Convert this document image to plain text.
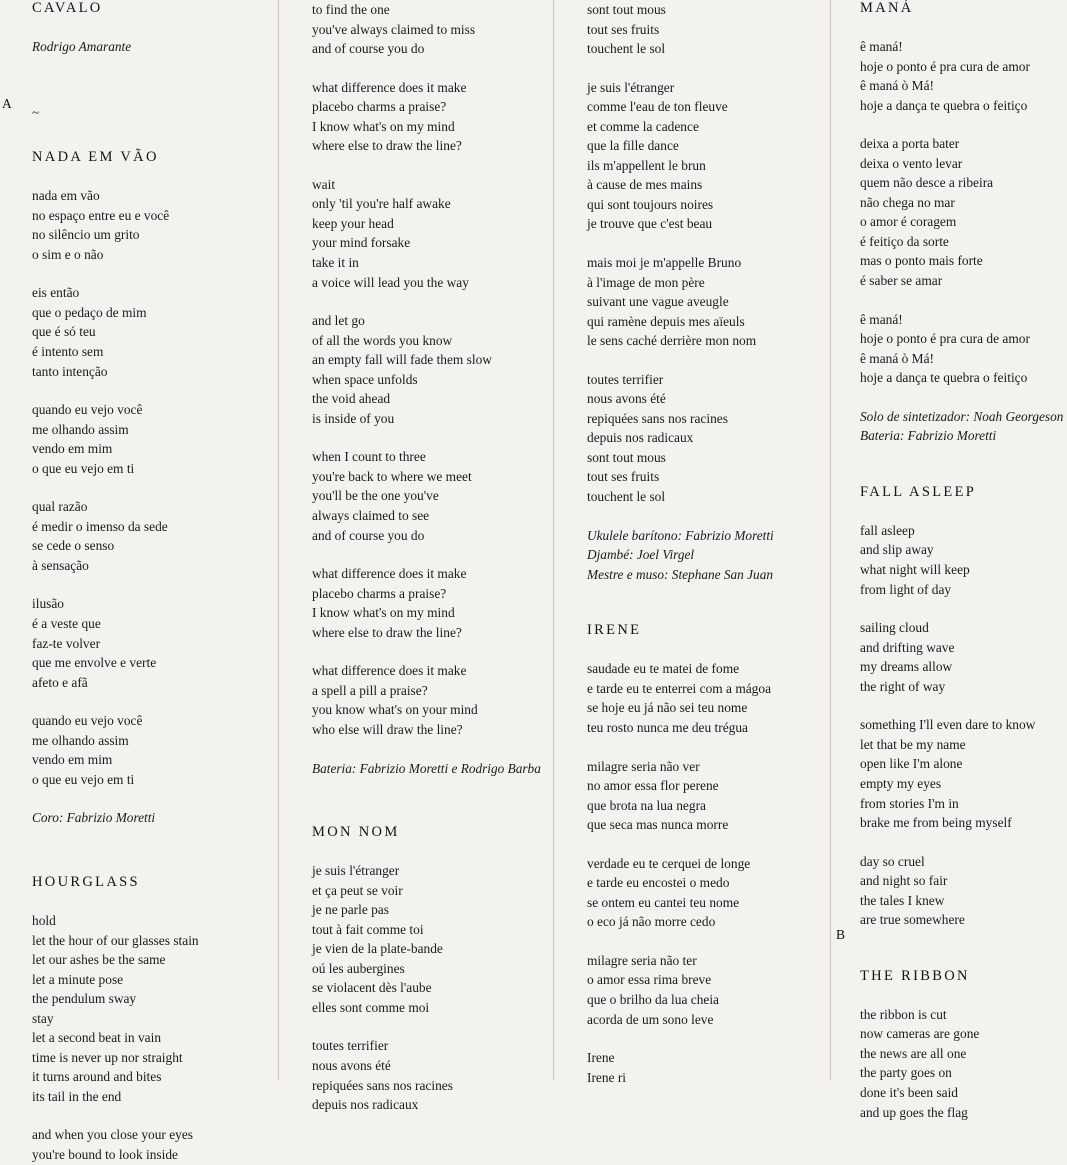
CAVALO
Rodrigo Amarante
~
NADA EM VÃO
nada em vão
no espaço entre eu e você
no silêncio um grito
o sim e o não
eis então
que o pedaço de mim
que é só teu
é intento sem
tanto intenção
quando eu vejo você
me olhando assim
vendo em mim
o que eu vejo em ti
qual razão
é medir o imenso da sede
se cede o senso
à sensação
ilusão
é a veste que
faz-te volver
que me envolve e verte
afeto e afã
quando eu vejo você
me olhando assim
vendo em mim
o que eu vejo em ti
Coro: Fabrizio Moretti
HOURGLASS
hold
let the hour of our glasses stain
let our ashes be the same
let a minute pose
the pendulum sway
stay
let a second beat in vain
time is never up nor straight
it turns around and bites
its tail in the end
and when you close your eyes
you're bound to look inside
to find the one
you've always claimed to miss
and of course you do
what difference does it make
placebo charms a praise?
I know what's on my mind
where else to draw the line?
wait
only 'til you're half awake
keep your head
your mind forsake
take it in
a voice will lead you the way
and let go
of all the words you know
an empty fall will fade them slow
when space unfolds
the void ahead
is inside of you
when I count to three
you're back to where we meet
you'll be the one you've
always claimed to see
and of course you do
what difference does it make
placebo charms a praise?
I know what's on my mind
where else to draw the line?
what difference does it make
a spell a pill a praise?
you know what's on your mind
who else will draw the line?
Bateria: Fabrizio Moretti e Rodrigo Barba
MON NOM
je suis l'étranger
et ça peut se voir
je ne parle pas
tout à fait comme toi
je vien de la plate-bande
oú les aubergines
se violacent dès l'aube
elles sont comme moi
toutes terrifier
nous avons été
repiquées sans nos racines
depuis nos radicaux
sont tout mous
tout ses fruits
touchent le sol
je suis l'étranger
comme l'eau de ton fleuve
et comme la cadence
que la fille dance
ils m'appellent le brun
à cause de mes mains
qui sont toujours noires
je trouve que c'est beau
mais moi je m'appelle Bruno
à l'image de mon père
suivant une vague aveugle
qui ramène depuis mes aïeuls
le sens caché derrière mon nom
toutes terrifier
nous avons été
repiquées sans nos racines
depuis nos radicaux
sont tout mous
tout ses fruits
touchent le sol
Ukulele barítono: Fabrizio Moretti
Djambé: Joel Virgel
Mestre e muso: Stephane San Juan
IRENE
saudade eu te matei de fome
e tarde eu te enterrei com a mágoa
se hoje eu já não sei teu nome
teu rosto nunca me deu trégua
milagre seria não ver
no amor essa flor perene
que brota na lua negra
que seca mas nunca morre
verdade eu te cerquei de longe
e tarde eu encostei o medo
se ontem eu cantei teu nome
o eco já não morre cedo
milagre seria não ter
o amor essa rima breve
que o brilho da lua cheia
acorda de um sono leve
Irene
Irene ri
MANÁ
ê maná!
hoje o ponto é pra cura de amor
ê maná ò Má!
hoje a dança te quebra o feitiço
deixa a porta bater
deixa o vento levar
quem não desce a ribeira
não chega no mar
o amor é coragem
é feitiço da sorte
mas o ponto mais forte
é saber se amar
ê maná!
hoje o ponto é pra cura de amor
ê maná ò Má!
hoje a dança te quebra o feitiço
Solo de sintetizador: Noah Georgeson
Bateria: Fabrizio Moretti
FALL ASLEEP
fall asleep
and slip away
what night will keep
from light of day
sailing cloud
and drifting wave
my dreams allow
the right of way
something I'll even dare to know
let that be my name
open like I'm alone
empty my eyes
from stories I'm in
brake me from being myself
day so cruel
and night so fair
the tales I knew
are true somewhere
THE RIBBON
the ribbon is cut
now cameras are gone
the news are all one
the party goes on
done it's been said
and up goes the flag
A
B
